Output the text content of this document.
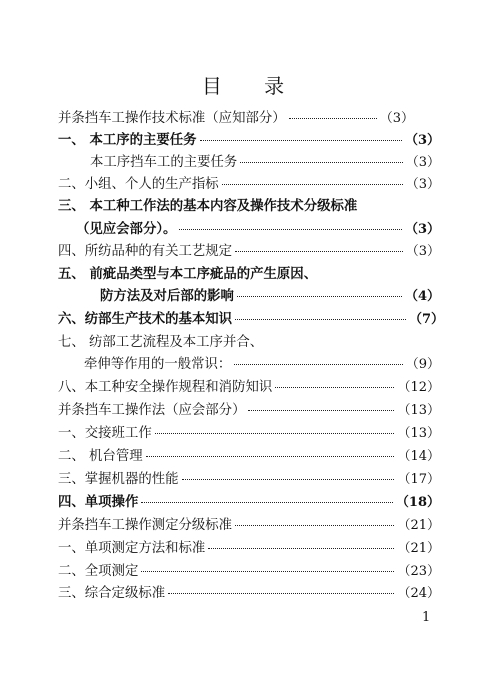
目 录
并条挡车工操作技术标准（应知部分）	（3）
一、 本工序的主要任务	（3）
本工序挡车工的主要任务	（3）
二、小组、个人的生产指标	（3）
三、 本工种工作法的基本内容及操作技术分级标准
（见应会部分）。	（3）
四、所纺品种的有关工艺规定	（3）
五、 前疵品类型与本工序疵品的产生原因、
防方法及对后部的影响	（4）
六、纺部生产技术的基本知识	（7）
七、 纺部工艺流程及本工序并合、
牵伸等作用的一般常识：	（9）
八、本工种安全操作规程和消防知识	（12）
并条挡车工操作法（应会部分）	（13）
一、交接班工作	（13）
二、 机台管理	（14）
三、掌握机器的性能	（17）
四、单项操作	（18）
并条挡车工操作测定分级标准	（21）
一、单项测定方法和标准	（21）
二、全项测定	（23）
三、综合定级标准	（24）
1
